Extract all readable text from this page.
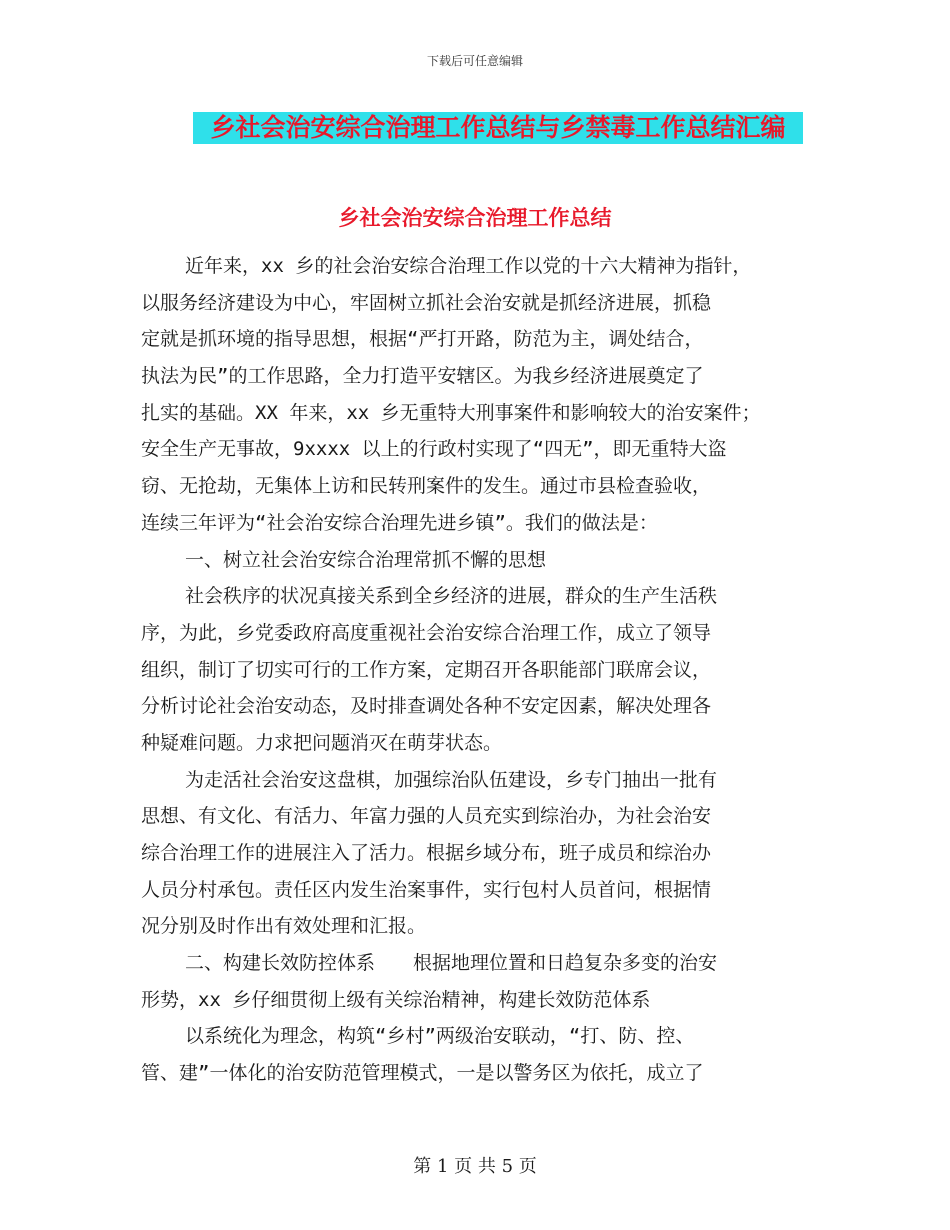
下载后可任意编辑
乡社会治安综合治理工作总结与乡禁毒工作总结汇编
乡社会治安综合治理工作总结
近年来，xx 乡的社会治安综合治理工作以党的十六大精神为指针，
以服务经济建设为中心，牢固树立抓社会治安就是抓经济进展，抓稳
定就是抓环境的指导思想，根据“严打开路，防范为主，调处结合，
执法为民”的工作思路，全力打造平安辖区。为我乡经济进展奠定了
扎实的基础。XX 年来，xx 乡无重特大刑事案件和影响较大的治安案件；
安全生产无事故，9xxxx 以上的行政村实现了“四无”，即无重特大盗
窃、无抢劫，无集体上访和民转刑案件的发生。通过市县检查验收，
连续三年评为“社会治安综合治理先进乡镇”。我们的做法是：
一、树立社会治安综合治理常抓不懈的思想
社会秩序的状况真接关系到全乡经济的进展，群众的生产生活秩
序，为此，乡党委政府高度重视社会治安综合治理工作，成立了领导
组织，制订了切实可行的工作方案，定期召开各职能部门联席会议，
分析讨论社会治安动态，及时排查调处各种不安定因素，解决处理各
种疑难问题。力求把问题消灭在萌芽状态。
为走活社会治安这盘棋，加强综治队伍建设，乡专门抽出一批有
思想、有文化、有活力、年富力强的人员充实到综治办，为社会治安
综合治理工作的进展注入了活力。根据乡域分布，班子成员和综治办
人员分村承包。责任区内发生治案事件，实行包村人员首问，根据情
况分别及时作出有效处理和汇报。
二、构建长效防控体系　　根据地理位置和日趋复杂多变的治安
形势，xx 乡仔细贯彻上级有关综治精神，构建长效防范体系
以系统化为理念，构筑“乡村”两级治安联动，“打、防、控、
管、建”一体化的治安防范管理模式，一是以警务区为依托，成立了
第 1 页 共 5 页
